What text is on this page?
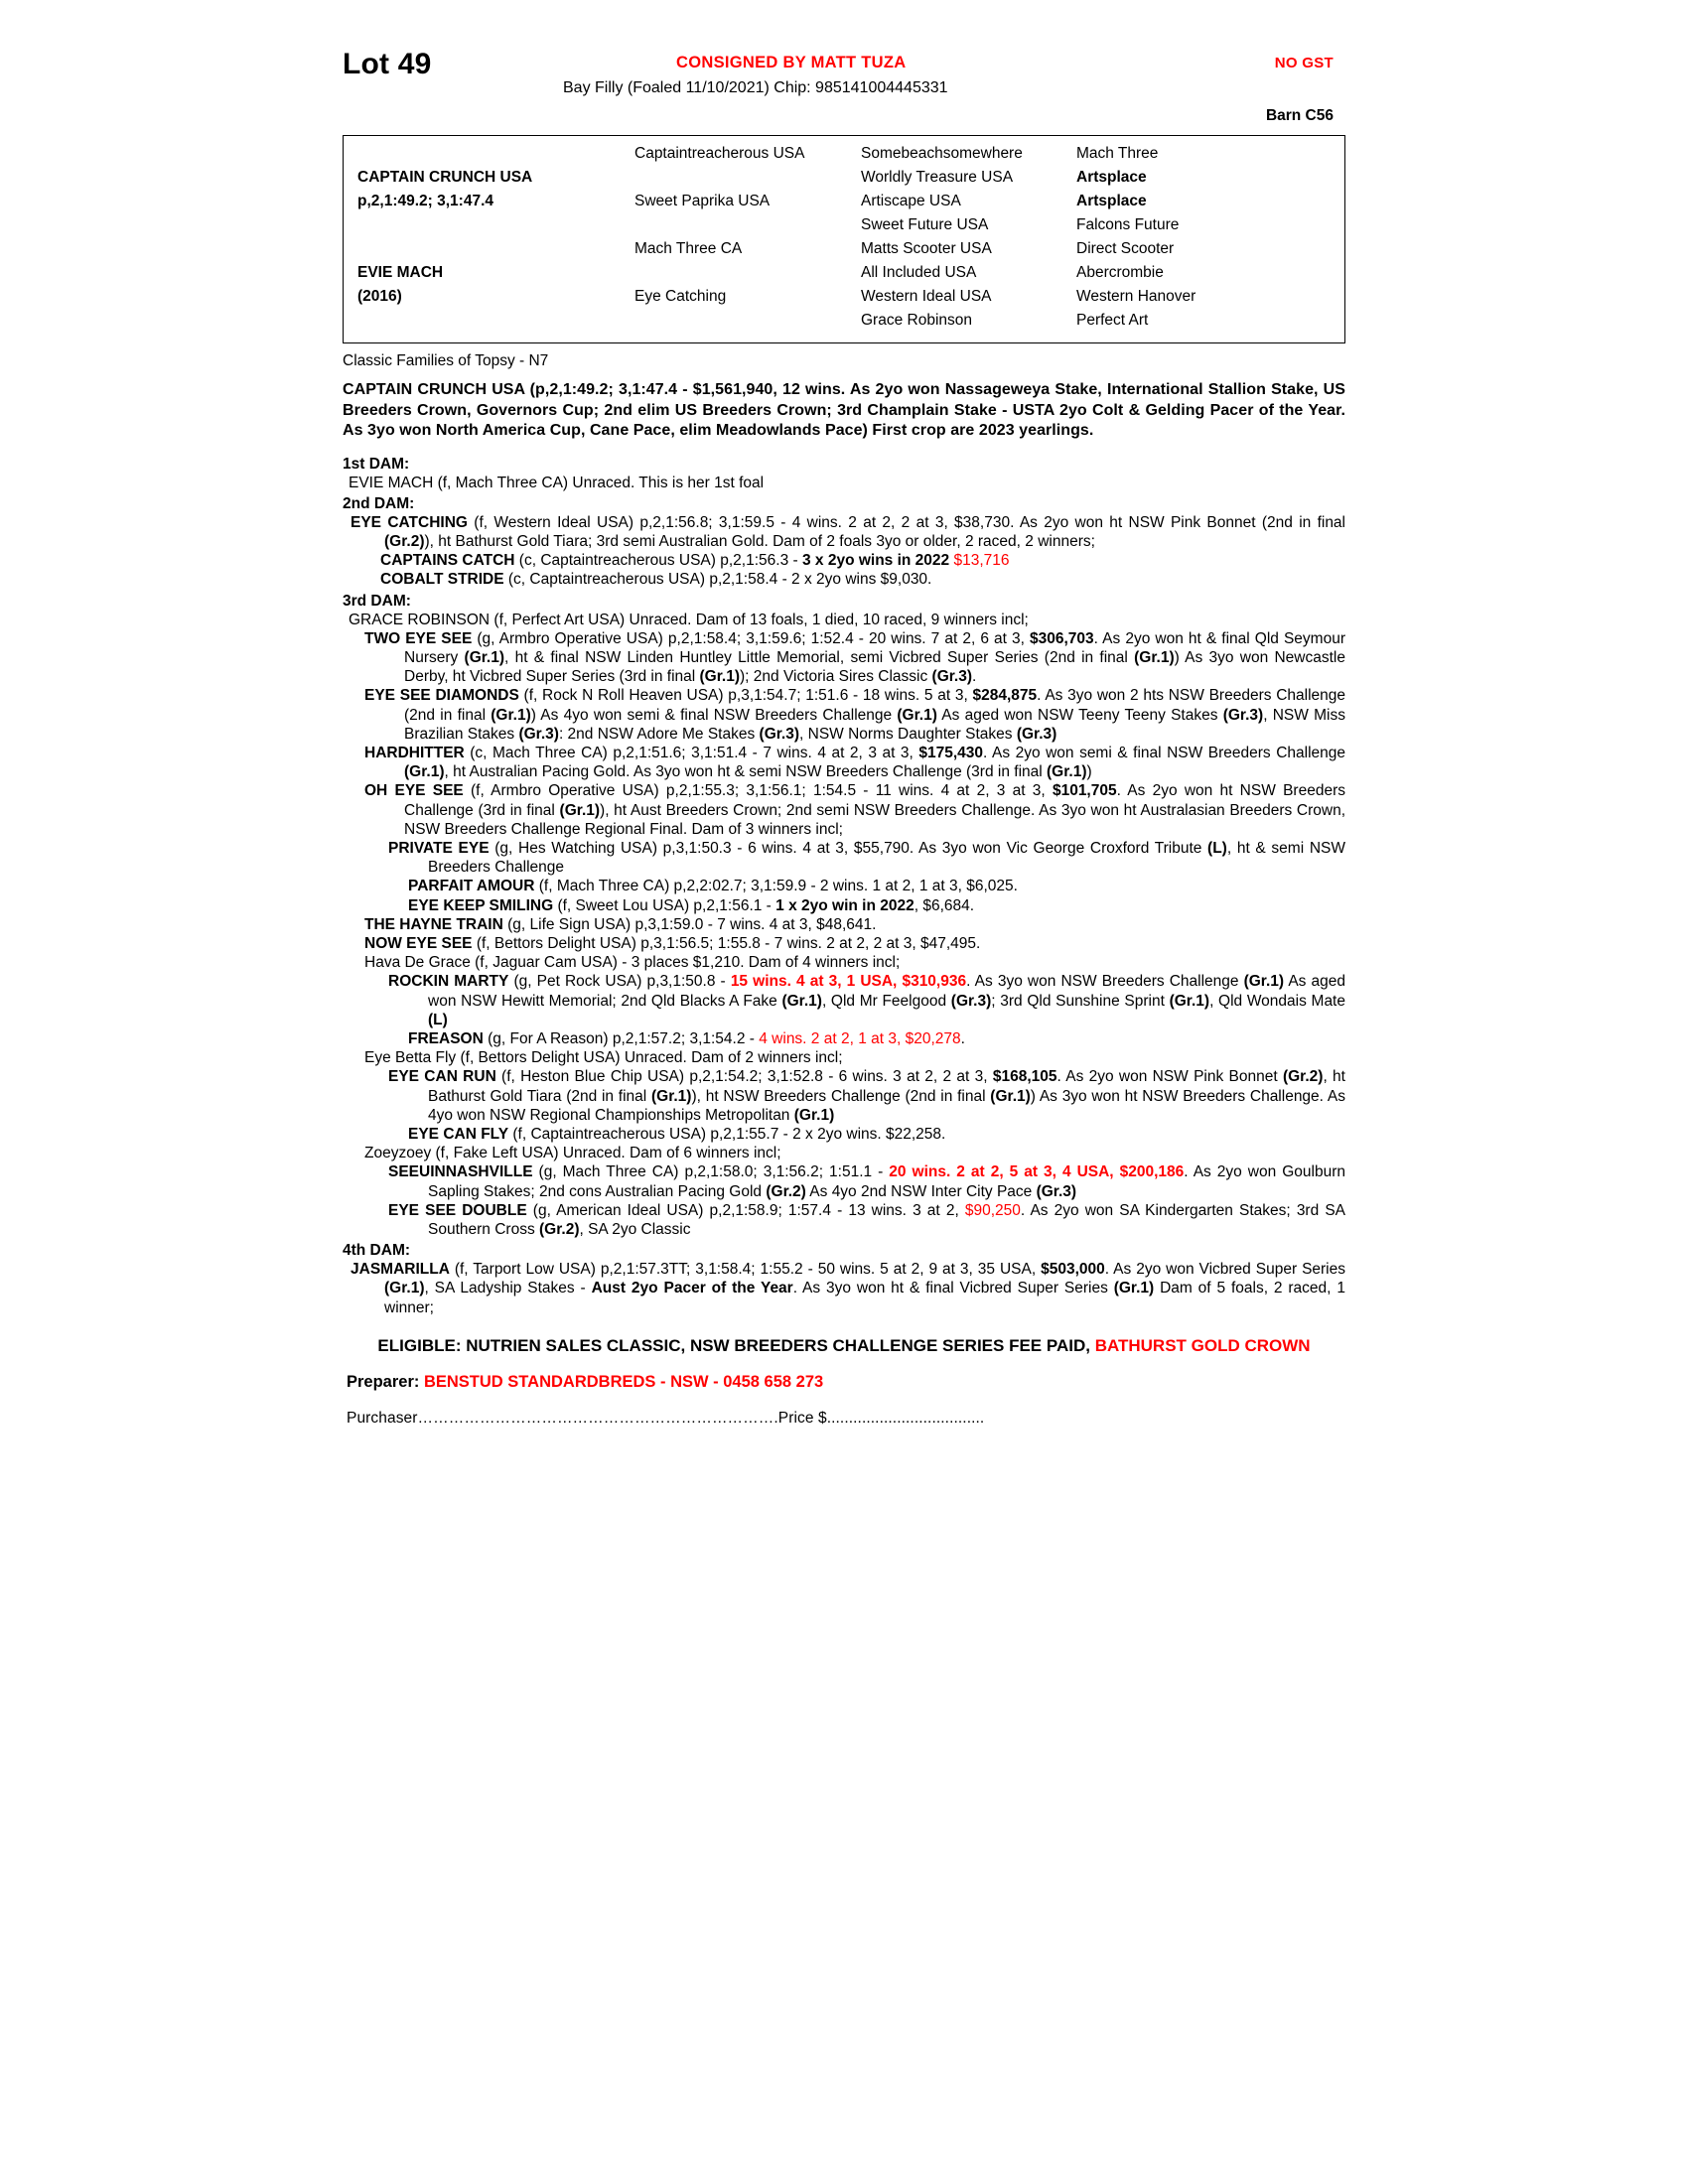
Lot 49	CONSIGNED BY MATT TUZA	NO GST
Bay Filly (Foaled 11/10/2021) Chip: 985141004445331
Barn C56
CAPTAIN CRUNCH USA
p,2,1:49.2; 3,1:47.4
EVIE MACH
(2016)
Captaintreacherous USA
Sweet Paprika USA
Mach Three CA
Eye Catching
Somebeachsomewhere
Worldly Treasure USA
Artiscape USA
Sweet Future USA
Matts Scooter USA
All Included USA
Western Ideal USA
Grace Robinson
Mach Three
Artsplace
Artsplace
Falcons Future
Direct Scooter
Abercrombie
Western Hanover
Perfect Art
Classic Families of Topsy - N7
CAPTAIN CRUNCH USA (p,2,1:49.2; 3,1:47.4 - $1,561,940, 12 wins. As 2yo won Nassageweya Stake, International Stallion Stake, US Breeders Crown, Governors Cup; 2nd elim US Breeders Crown; 3rd Champlain Stake - USTA 2yo Colt & Gelding Pacer of the Year. As 3yo won North America Cup, Cane Pace, elim Meadowlands Pace) First crop are 2023 yearlings.
1st DAM:

EVIE MACH (f, Mach Three CA) Unraced. This is her 1st foal

2nd DAM:

EYE CATCHING (f, Western Ideal USA) p,2,1:56.8; 3,1:59.5 - 4 wins. 2 at 2, 2 at 3, $38,730. As 2yo won ht NSW Pink Bonnet (2nd in final (Gr.2)), ht Bathurst Gold Tiara; 3rd semi Australian Gold. Dam of 2 foals 3yo or older, 2 raced, 2 winners;

CAPTAINS CATCH (c, Captaintreacherous USA) p,2,1:56.3 - 3 x 2yo wins in 2022 $13,716

COBALT STRIDE (c, Captaintreacherous USA) p,2,1:58.4 - 2 x 2yo wins $9,030.

3rd DAM:

GRACE ROBINSON (f, Perfect Art USA) Unraced. Dam of 13 foals, 1 died, 10 raced, 9 winners incl;

TWO EYE SEE (g, Armbro Operative USA) p,2,1:58.4; 3,1:59.6; 1:52.4 - 20 wins. 7 at 2, 6 at 3, $306,703. As 2yo won ht & final Qld Seymour Nursery (Gr.1), ht & final NSW Linden Huntley Little Memorial, semi Vicbred Super Series (2nd in final (Gr.1)) As 3yo won Newcastle Derby, ht Vicbred Super Series (3rd in final (Gr.1)); 2nd Victoria Sires Classic (Gr.3).

EYE SEE DIAMONDS (f, Rock N Roll Heaven USA) p,3,1:54.7; 1:51.6 - 18 wins. 5 at 3, $284,875. As 3yo won 2 hts NSW Breeders Challenge (2nd in final (Gr.1)) As 4yo won semi & final NSW Breeders Challenge (Gr.1) As aged won NSW Teeny Teeny Stakes (Gr.3), NSW Miss Brazilian Stakes (Gr.3): 2nd NSW Adore Me Stakes (Gr.3), NSW Norms Daughter Stakes (Gr.3)

HARDHITTER (c, Mach Three CA) p,2,1:51.6; 3,1:51.4 - 7 wins. 4 at 2, 3 at 3, $175,430. As 2yo won semi & final NSW Breeders Challenge (Gr.1), ht Australian Pacing Gold. As 3yo won ht & semi NSW Breeders Challenge (3rd in final (Gr.1))

OH EYE SEE (f, Armbro Operative USA) p,2,1:55.3; 3,1:56.1; 1:54.5 - 11 wins. 4 at 2, 3 at 3, $101,705. As 2yo won ht NSW Breeders Challenge (3rd in final (Gr.1)), ht Aust Breeders Crown; 2nd semi NSW Breeders Challenge. As 3yo won ht Australasian Breeders Crown, NSW Breeders Challenge Regional Final. Dam of 3 winners incl;

PRIVATE EYE (g, Hes Watching USA) p,3,1:50.3 - 6 wins. 4 at 3, $55,790. As 3yo won Vic George Croxford Tribute (L), ht & semi NSW Breeders Challenge

PARFAIT AMOUR (f, Mach Three CA) p,2,2:02.7; 3,1:59.9 - 2 wins. 1 at 2, 1 at 3, $6,025.

EYE KEEP SMILING (f, Sweet Lou USA) p,2,1:56.1 - 1 x 2yo win in 2022, $6,684.

THE HAYNE TRAIN (g, Life Sign USA) p,3,1:59.0 - 7 wins. 4 at 3, $48,641.

NOW EYE SEE (f, Bettors Delight USA) p,3,1:56.5; 1:55.8 - 7 wins. 2 at 2, 2 at 3, $47,495.

Hava De Grace (f, Jaguar Cam USA) - 3 places $1,210. Dam of 4 winners incl;

ROCKIN MARTY (g, Pet Rock USA) p,3,1:50.8 - 15 wins. 4 at 3, 1 USA, $310,936. As 3yo won NSW Breeders Challenge (Gr.1) As aged won NSW Hewitt Memorial; 2nd Qld Blacks A Fake (Gr.1), Qld Mr Feelgood (Gr.3); 3rd Qld Sunshine Sprint (Gr.1), Qld Wondais Mate (L)

FREASON (g, For A Reason) p,2,1:57.2; 3,1:54.2 - 4 wins. 2 at 2, 1 at 3, $20,278.

Eye Betta Fly (f, Bettors Delight USA) Unraced. Dam of 2 winners incl;

EYE CAN RUN (f, Heston Blue Chip USA) p,2,1:54.2; 3,1:52.8 - 6 wins. 3 at 2, 2 at 3, $168,105. As 2yo won NSW Pink Bonnet (Gr.2), ht Bathurst Gold Tiara (2nd in final (Gr.1)), ht NSW Breeders Challenge (2nd in final (Gr.1)) As 3yo won ht NSW Breeders Challenge. As 4yo won NSW Regional Championships Metropolitan (Gr.1)

EYE CAN FLY (f, Captaintreacherous USA) p,2,1:55.7 - 2 x 2yo wins. $22,258.

Zoeyzoey (f, Fake Left USA) Unraced. Dam of 6 winners incl;

SEEUINNASHVILLE (g, Mach Three CA) p,2,1:58.0; 3,1:56.2; 1:51.1 - 20 wins. 2 at 2, 5 at 3, 4 USA, $200,186. As 2yo won Goulburn Sapling Stakes; 2nd cons Australian Pacing Gold (Gr.2) As 4yo 2nd NSW Inter City Pace (Gr.3)

EYE SEE DOUBLE (g, American Ideal USA) p,2,1:58.9; 1:57.4 - 13 wins. 3 at 2, $90,250. As 2yo won SA Kindergarten Stakes; 3rd SA Southern Cross (Gr.2), SA 2yo Classic

4th DAM:

JASMARILLA (f, Tarport Low USA) p,2,1:57.3TT; 3,1:58.4; 1:55.2 - 50 wins. 5 at 2, 9 at 3, 35 USA, $503,000. As 2yo won Vicbred Super Series (Gr.1), SA Ladyship Stakes - Aust 2yo Pacer of the Year. As 3yo won ht & final Vicbred Super Series (Gr.1) Dam of 5 foals, 2 raced, 1 winner;

ELIGIBLE: NUTRIEN SALES CLASSIC, NSW BREEDERS CHALLENGE SERIES FEE PAID, BATHURST GOLD CROWN
Preparer: BENSTUD STANDARDBREDS - NSW - 0458 658 273
Purchaser…………………………………………………………….Price $....................................
